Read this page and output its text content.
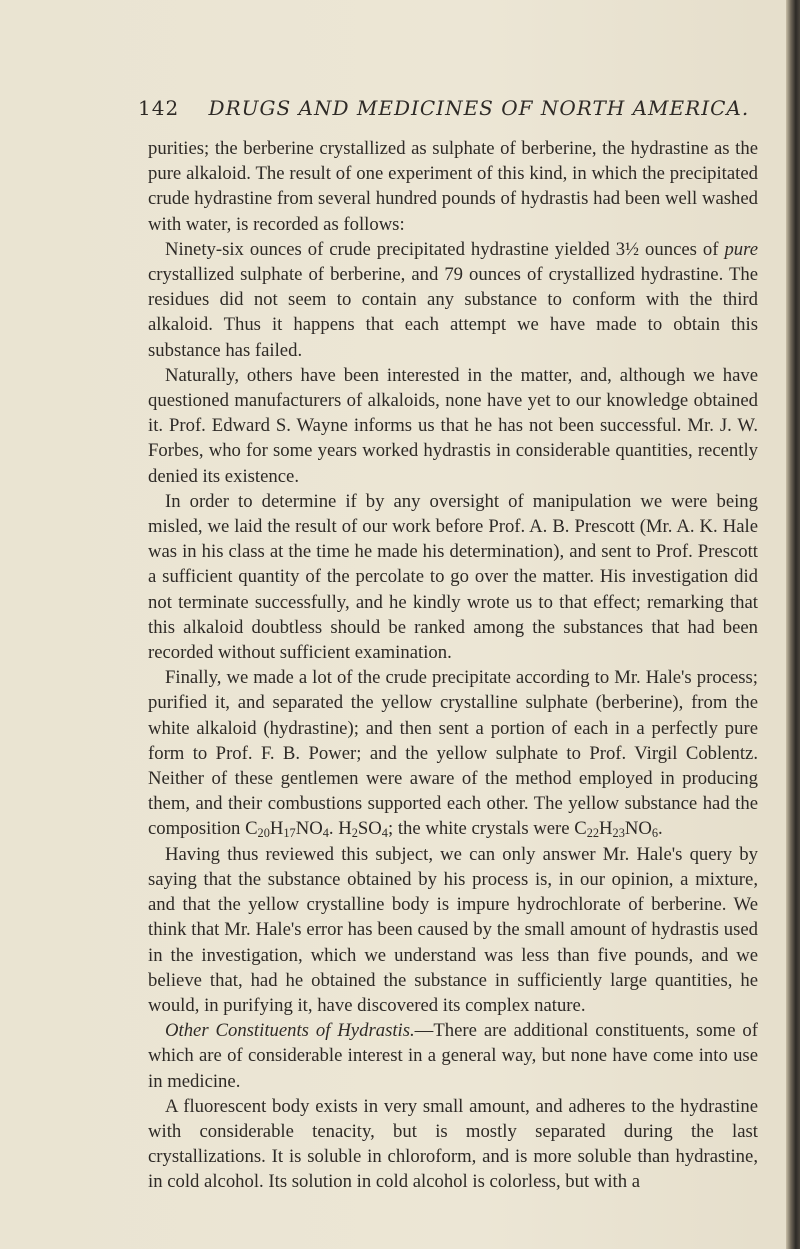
142 DRUGS AND MEDICINES OF NORTH AMERICA.

purities; the berberine crystallized as sulphate of berberine, the hydrastine as the pure alkaloid. The result of one experiment of this kind, in which the precipitated crude hydrastine from several hundred pounds of hydrastis had been well washed with water, is recorded as follows:

Ninety-six ounces of crude precipitated hydrastine yielded 3½ ounces of pure crystallized sulphate of berberine, and 79 ounces of crystallized hydrastine. The residues did not seem to contain any substance to conform with the third alkaloid. Thus it happens that each attempt we have made to obtain this substance has failed.

Naturally, others have been interested in the matter, and, although we have questioned manufacturers of alkaloids, none have yet to our knowledge obtained it. Prof. Edward S. Wayne informs us that he has not been successful. Mr. J. W. Forbes, who for some years worked hydrastis in considerable quantities, recently denied its existence.

In order to determine if by any oversight of manipulation we were being misled, we laid the result of our work before Prof. A. B. Prescott (Mr. A. K. Hale was in his class at the time he made his determination), and sent to Prof. Prescott a sufficient quantity of the percolate to go over the matter. His investigation did not terminate successfully, and he kindly wrote us to that effect; remarking that this alkaloid doubtless should be ranked among the substances that had been recorded without sufficient examination.

Finally, we made a lot of the crude precipitate according to Mr. Hale's process; purified it, and separated the yellow crystalline sulphate (berberine), from the white alkaloid (hydrastine); and then sent a portion of each in a perfectly pure form to Prof. F. B. Power; and the yellow sulphate to Prof. Virgil Coblentz. Neither of these gentlemen were aware of the method employed in producing them, and their combustions supported each other. The yellow substance had the composition $C_{20}H_{17}NO_4$. $H_2SO_4$; the white crystals were $C_{22}H_{23}NO_6$.

Having thus reviewed this subject, we can only answer Mr. Hale's query by saying that the substance obtained by his process is, in our opinion, a mixture, and that the yellow crystalline body is impure hydrochlorate of berberine. We think that Mr. Hale's error has been caused by the small amount of hydrastis used in the investigation, which we understand was less than five pounds, and we believe that, had he obtained the substance in sufficiently large quantities, he would, in purifying it, have discovered its complex nature.

Other Constituents of Hydrastis.—There are additional constituents, some of which are of considerable interest in a general way, but none have come into use in medicine.

A fluorescent body exists in very small amount, and adheres to the hydrastine with considerable tenacity, but is mostly separated during the last crystallizations. It is soluble in chloroform, and is more soluble than hydrastine, in cold alcohol. Its solution in cold alcohol is colorless, but with a
